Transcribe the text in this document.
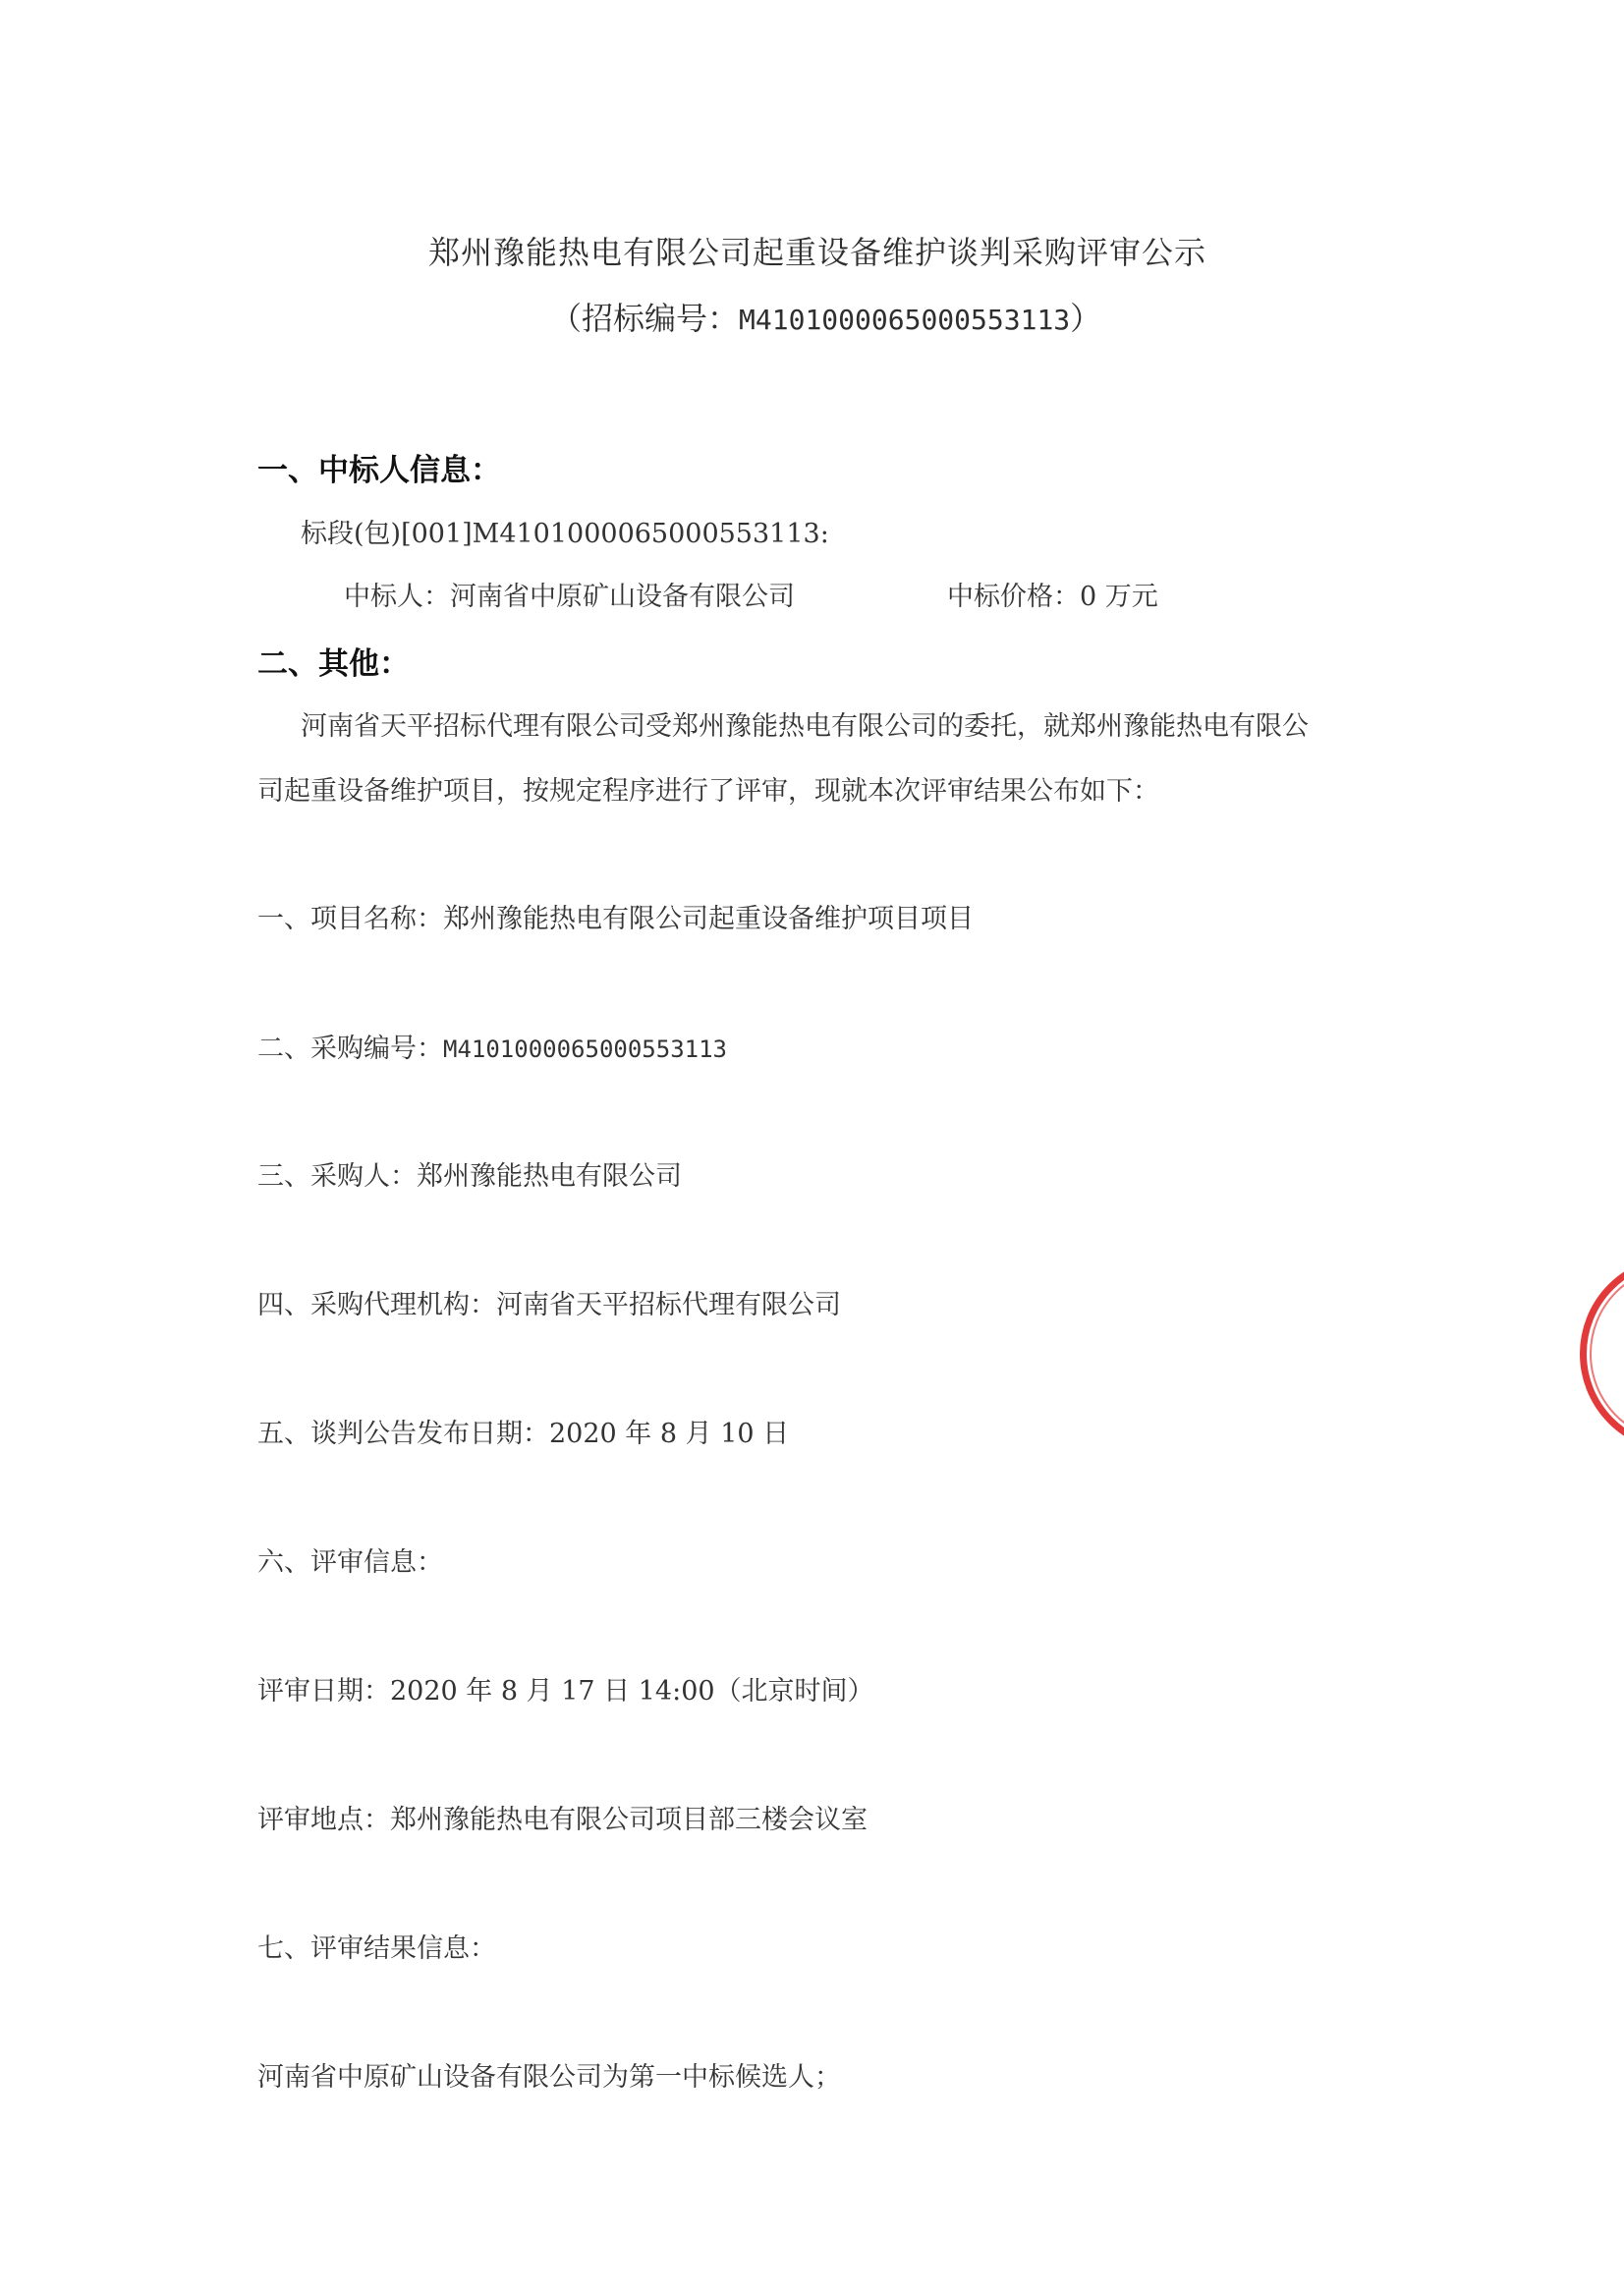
郑州豫能热电有限公司起重设备维护谈判采购评审公示
（招标编号：M4101000065000553113）
一、中标人信息：
标段(包)[001]M4101000065000553113:
中标人：河南省中原矿山设备有限公司	中标价格：0 万元
二、其他：
河南省天平招标代理有限公司受郑州豫能热电有限公司的委托，就郑州豫能热电有限公
司起重设备维护项目，按规定程序进行了评审，现就本次评审结果公布如下：
一、项目名称：郑州豫能热电有限公司起重设备维护项目项目
二、采购编号：M4101000065000553113
三、采购人：郑州豫能热电有限公司
四、采购代理机构：河南省天平招标代理有限公司
五、谈判公告发布日期：2020 年 8 月 10 日
六、评审信息：
评审日期：2020 年 8 月 17 日 14:00（北京时间）
评审地点：郑州豫能热电有限公司项目部三楼会议室
七、评审结果信息：
河南省中原矿山设备有限公司为第一中标候选人；
